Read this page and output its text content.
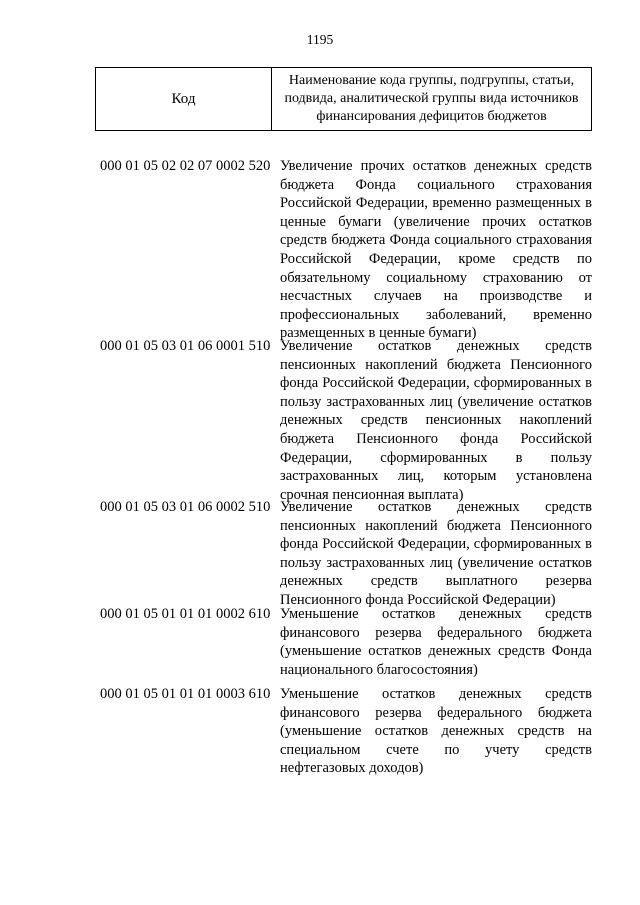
1195
Код	Наименование кода группы, подгруппы, статьи, подвида, аналитической группы вида источников финансирования дефицитов бюджетов
000 01 05 02 02 07 0002 520 Увеличение прочих остатков денежных средств бюджета Фонда социального страхования Российской Федерации, временно размещенных в ценные бумаги (увеличение прочих остатков средств бюджета Фонда социального страхования Российской Федерации, кроме средств по обязательному социальному страхованию от несчастных случаев на производстве и профессиональных заболеваний, временно размещенных в ценные бумаги)
000 01 05 03 01 06 0001 510 Увеличение остатков денежных средств пенсионных накоплений бюджета Пенсионного фонда Российской Федерации, сформированных в пользу застрахованных лиц (увеличение остатков денежных средств пенсионных накоплений бюджета Пенсионного фонда Российской Федерации, сформированных в пользу застрахованных лиц, которым установлена срочная пенсионная выплата)
000 01 05 03 01 06 0002 510 Увеличение остатков денежных средств пенсионных накоплений бюджета Пенсионного фонда Российской Федерации, сформированных в пользу застрахованных лиц (увеличение остатков денежных средств выплатного резерва Пенсионного фонда Российской Федерации)
000 01 05 01 01 01 0002 610 Уменьшение остатков денежных средств финансового резерва федерального бюджета (уменьшение остатков денежных средств Фонда национального благосостояния)
000 01 05 01 01 01 0003 610 Уменьшение остатков денежных средств финансового резерва федерального бюджета (уменьшение остатков денежных средств на специальном счете по учету средств нефтегазовых доходов)
